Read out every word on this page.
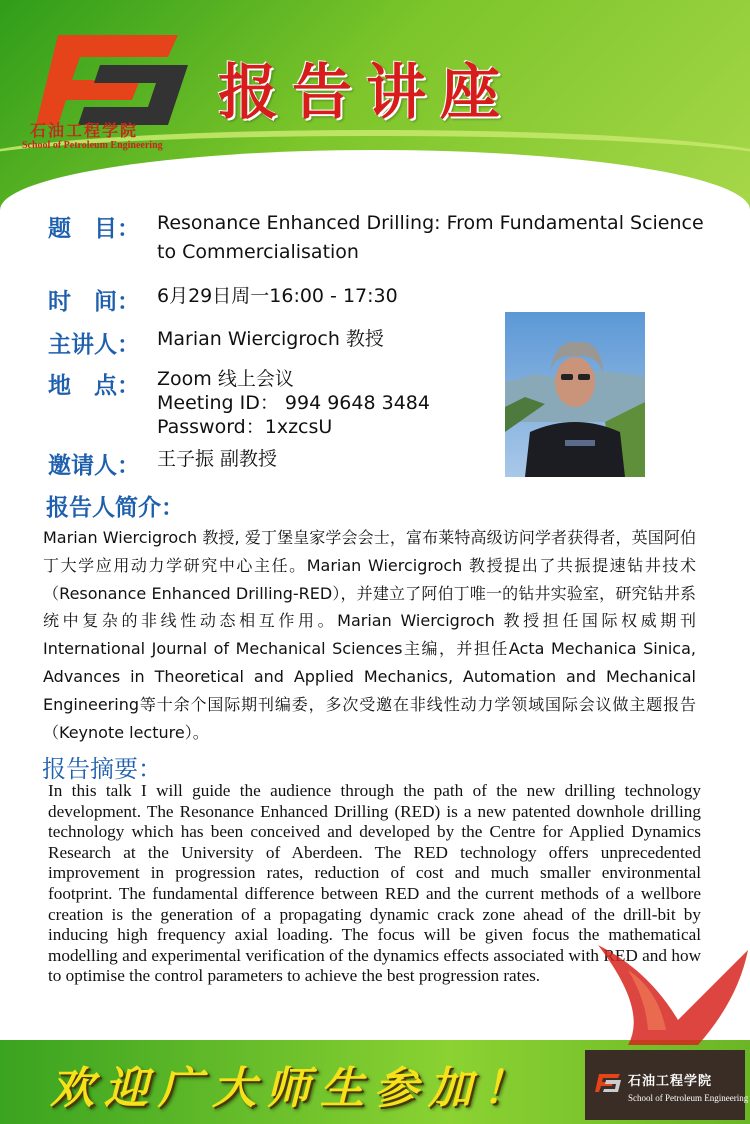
石油工程学院
School of Petroleum Engineering
报告讲座
题　目： Resonance Enhanced Drilling: From Fundamental Science
to Commercialisation
时　间： 6月29日周一16:00 - 17:30
主讲人： Marian Wiercigroch 教授
地　点： Zoom 线上会议
Meeting ID： 994 9648 3484
Password：1xzcsU
邀请人： 王子振 副教授
报告人简介：
Marian Wiercigroch 教授, 爱丁堡皇家学会会士，富布莱特高级访问学者获得者，英国阿伯丁大学应用动力学研究中心主任。Marian Wiercigroch 教授提出了共振提速钻井技术（Resonance Enhanced Drilling-RED），并建立了阿伯丁唯一的钻井实验室，研究钻井系统中复杂的非线性动态相互作用。Marian Wiercigroch 教授担任国际权威期刊International Journal of Mechanical Sciences主编，并担任Acta Mechanica Sinica, Advances in Theoretical and Applied Mechanics, Automation and Mechanical Engineering等十余个国际期刊编委，多次受邀在非线性动力学领域国际会议做主题报告（Keynote lecture）。
报告摘要：
In this talk I will guide the audience through the path of the new drilling technology development. The Resonance Enhanced Drilling (RED) is a new patented downhole drilling technology which has been conceived and developed by the Centre for Applied Dynamics Research at the University of Aberdeen. The RED technology offers unprecedented improvement in progression rates, reduction of cost and much smaller environmental footprint. The fundamental difference between RED and the current methods of a wellbore creation is the generation of a propagating dynamic crack zone ahead of the drill-bit by inducing high frequency axial loading. The focus will be given focus the mathematical modelling and experimental verification of the dynamics effects associated with RED and how to optimise the control parameters to achieve the best progression rates.
欢迎广大师生参加！	石油工程学院
School of Petroleum Engineering
